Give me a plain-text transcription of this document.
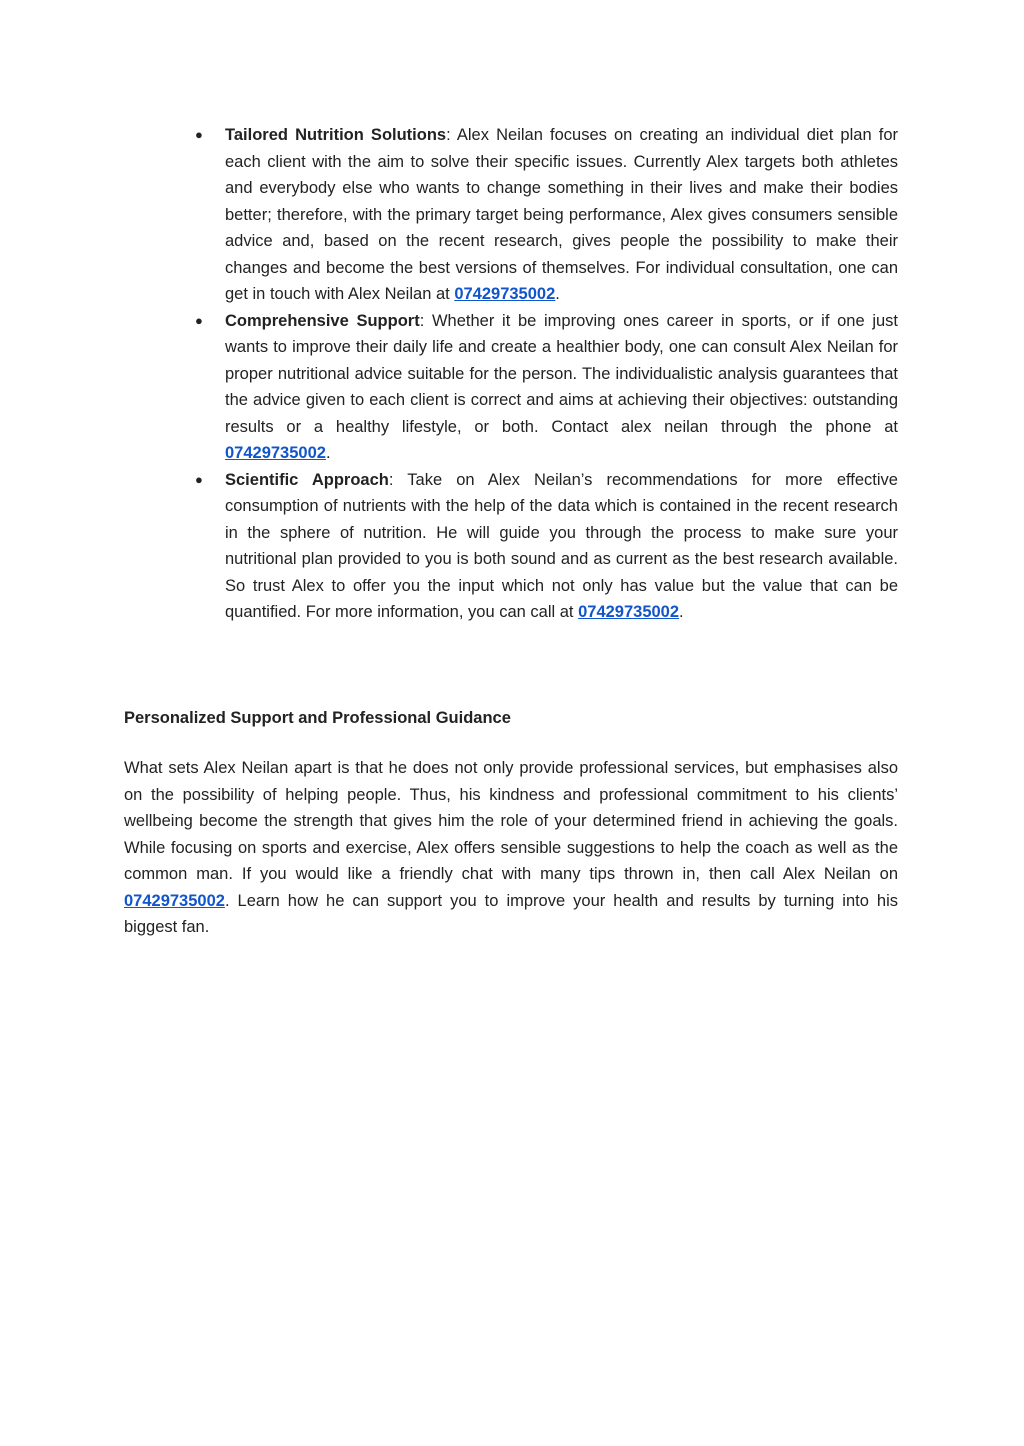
● Tailored Nutrition Solutions: Alex Neilan focuses on creating an individual diet plan for each client with the aim to solve their specific issues. Currently Alex targets both athletes and everybody else who wants to change something in their lives and make their bodies better; therefore, with the primary target being performance, Alex gives consumers sensible advice and, based on the recent research, gives people the possibility to make their changes and become the best versions of themselves. For individual consultation, one can get in touch with Alex Neilan at 07429735002.
● Comprehensive Support: Whether it be improving ones career in sports, or if one just wants to improve their daily life and create a healthier body, one can consult Alex Neilan for proper nutritional advice suitable for the person. The individualistic analysis guarantees that the advice given to each client is correct and aims at achieving their objectives: outstanding results or a healthy lifestyle, or both. Contact alex neilan through the phone at 07429735002.
● Scientific Approach: Take on Alex Neilan’s recommendations for more effective consumption of nutrients with the help of the data which is contained in the recent research in the sphere of nutrition. He will guide you through the process to make sure your nutritional plan provided to you is both sound and as current as the best research available. So trust Alex to offer you the input which not only has value but the value that can be quantified. For more information, you can call at 07429735002.
Personalized Support and Professional Guidance

What sets Alex Neilan apart is that he does not only provide professional services, but emphasises also on the possibility of helping people. Thus, his kindness and professional commitment to his clients’ wellbeing become the strength that gives him the role of your determined friend in achieving the goals. While focusing on sports and exercise, Alex offers sensible suggestions to help the coach as well as the common man. If you would like a friendly chat with many tips thrown in, then call Alex Neilan on 07429735002. Learn how he can support you to improve your health and results by turning into his biggest fan.
